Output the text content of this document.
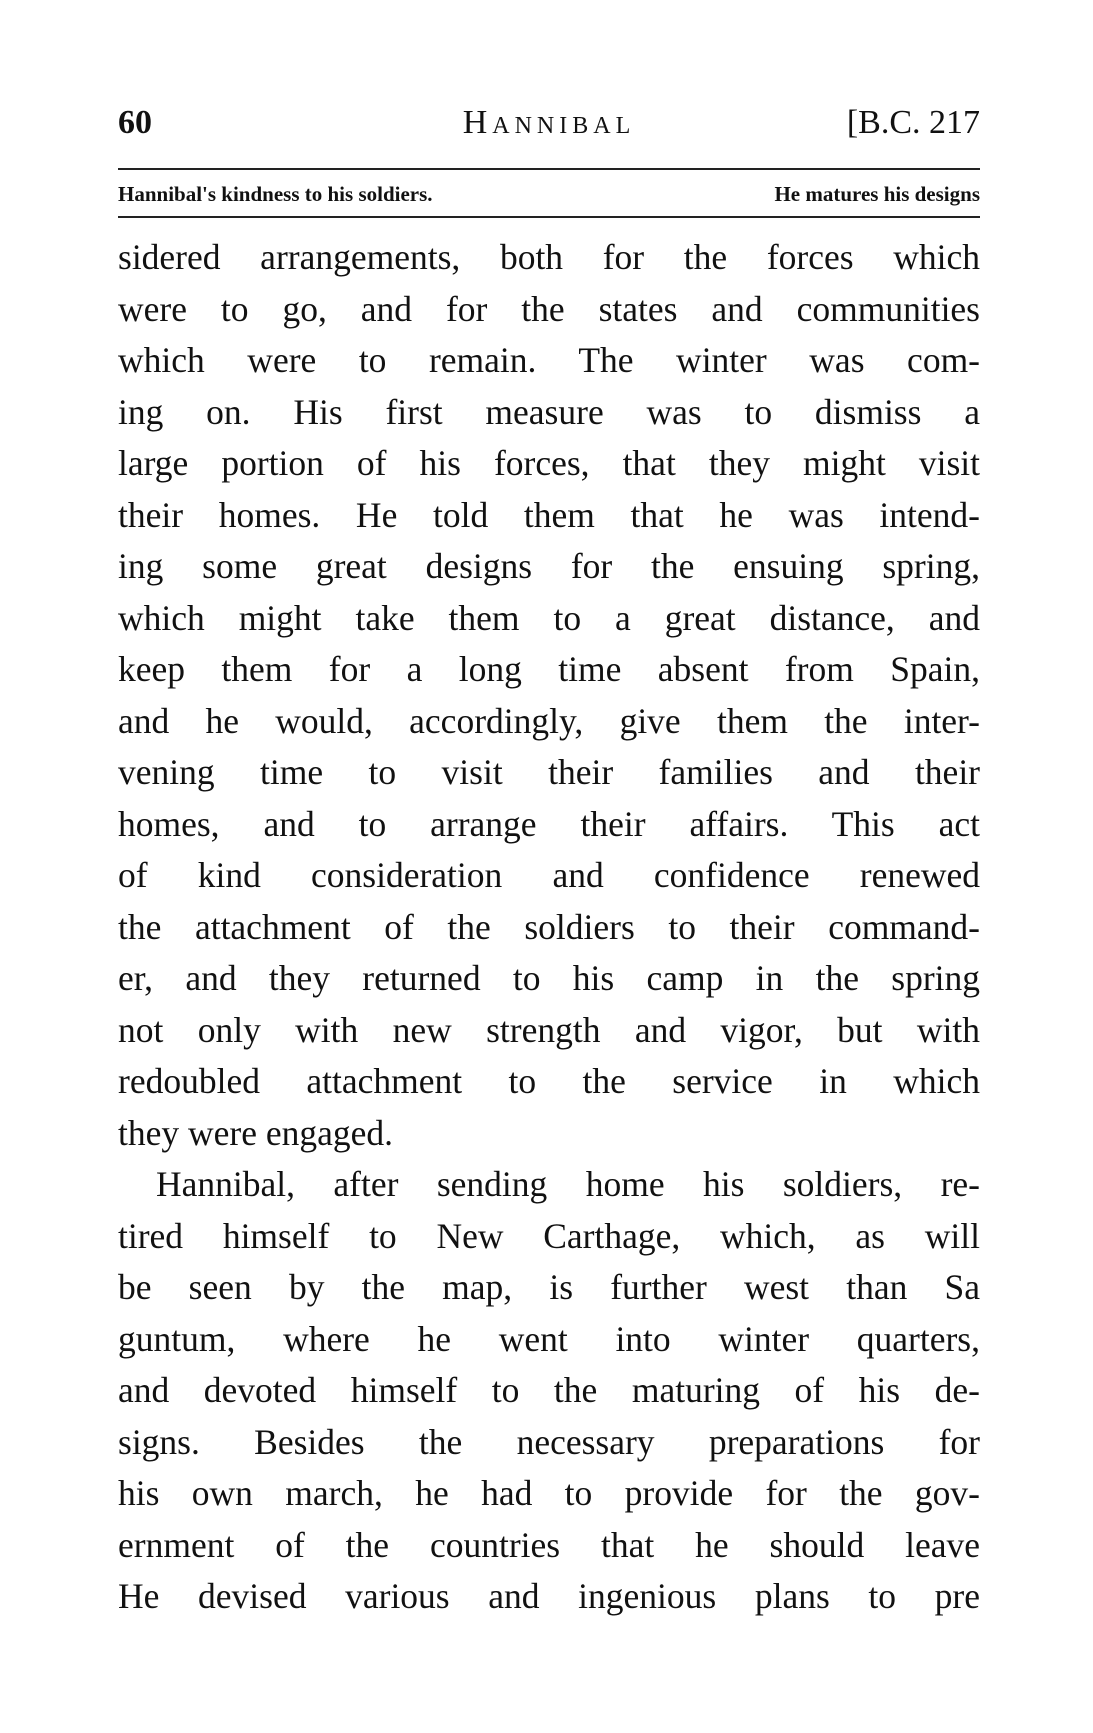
60	Hannibal	[B.C. 217
Hannibal's kindness to his soldiers.	He matures his designs
sidered arrangements, both for the forces which
were to go, and for the states and communities
which were to remain. The winter was com-
ing on. His first measure was to dismiss a
large portion of his forces, that they might visit
their homes. He told them that he was intend-
ing some great designs for the ensuing spring,
which might take them to a great distance, and
keep them for a long time absent from Spain,
and he would, accordingly, give them the inter-
vening time to visit their families and their
homes, and to arrange their affairs. This act
of kind consideration and confidence renewed
the attachment of the soldiers to their command-
er, and they returned to his camp in the spring
not only with new strength and vigor, but with
redoubled attachment to the service in which
they were engaged.
Hannibal, after sending home his soldiers, re-
tired himself to New Carthage, which, as will
be seen by the map, is further west than Sa
guntum, where he went into winter quarters,
and devoted himself to the maturing of his de-
signs. Besides the necessary preparations for
his own march, he had to provide for the gov-
ernment of the countries that he should leave
He devised various and ingenious plans to pre
